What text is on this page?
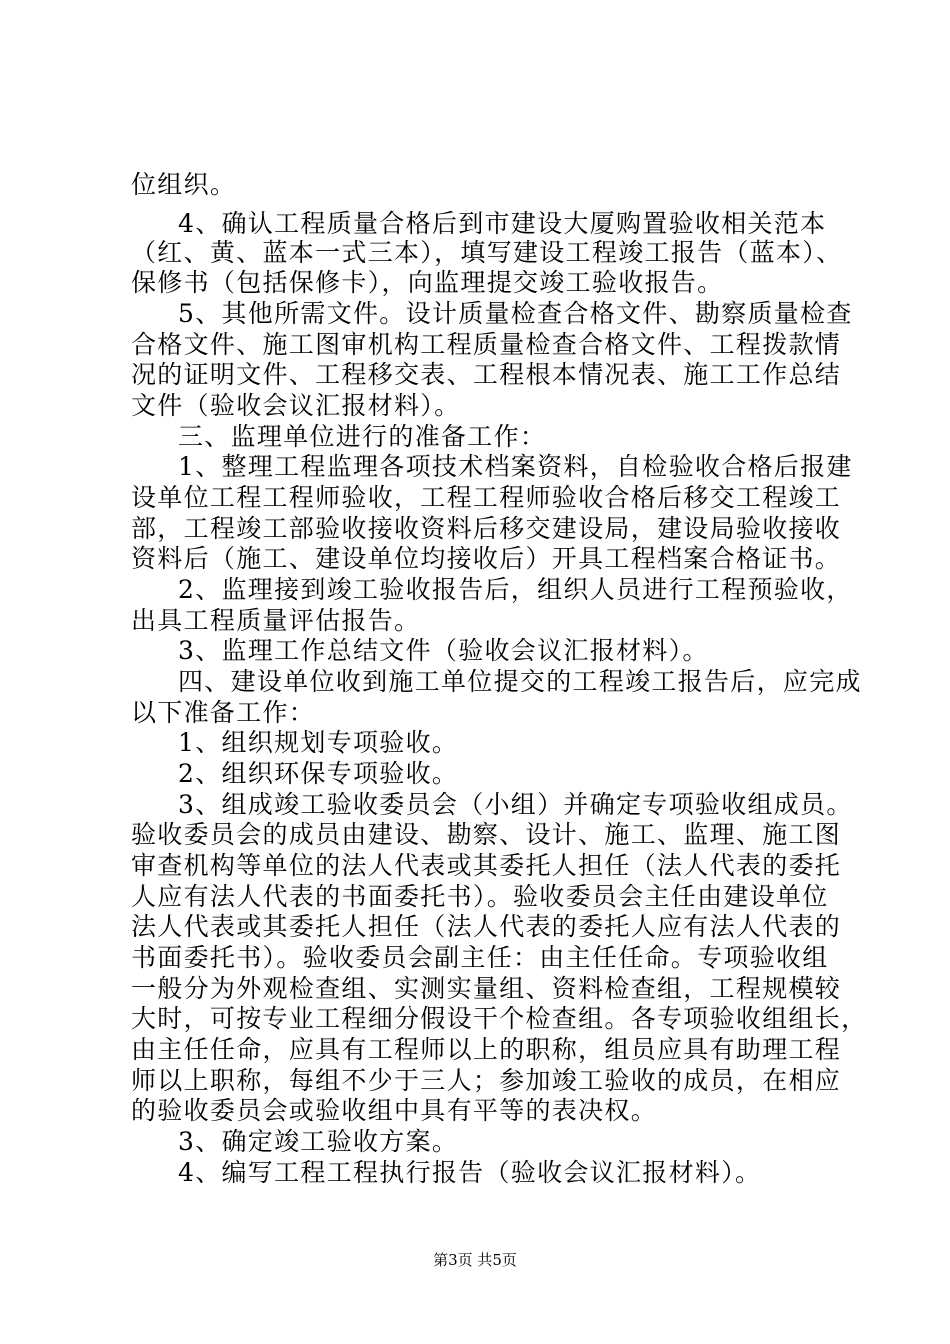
位组织。
4、确认工程质量合格后到市建设大厦购置验收相关范本
（红、黄、蓝本一式三本），填写建设工程竣工报告（蓝本）、
保修书（包括保修卡），向监理提交竣工验收报告。
5、其他所需文件。设计质量检查合格文件、勘察质量检查
合格文件、施工图审机构工程质量检查合格文件、工程拨款情
况的证明文件、工程移交表、工程根本情况表、施工工作总结
文件（验收会议汇报材料）。
三、监理单位进行的准备工作：
1、整理工程监理各项技术档案资料，自检验收合格后报建
设单位工程工程师验收，工程工程师验收合格后移交工程竣工
部，工程竣工部验收接收资料后移交建设局，建设局验收接收
资料后（施工、建设单位均接收后）开具工程档案合格证书。
2、监理接到竣工验收报告后，组织人员进行工程预验收，
出具工程质量评估报告。
3、监理工作总结文件（验收会议汇报材料）。
四、建设单位收到施工单位提交的工程竣工报告后，应完成
以下准备工作：
1、组织规划专项验收。
2、组织环保专项验收。
3、组成竣工验收委员会（小组）并确定专项验收组成员。
验收委员会的成员由建设、勘察、设计、施工、监理、施工图
审查机构等单位的法人代表或其委托人担任（法人代表的委托
人应有法人代表的书面委托书）。验收委员会主任由建设单位
法人代表或其委托人担任（法人代表的委托人应有法人代表的
书面委托书）。验收委员会副主任：由主任任命。专项验收组
一般分为外观检查组、实测实量组、资料检查组，工程规模较
大时，可按专业工程细分假设干个检查组。各专项验收组组长，
由主任任命，应具有工程师以上的职称，组员应具有助理工程
师以上职称，每组不少于三人；参加竣工验收的成员，在相应
的验收委员会或验收组中具有平等的表决权。
3、确定竣工验收方案。
4、编写工程工程执行报告（验收会议汇报材料）。
第3页 共5页
